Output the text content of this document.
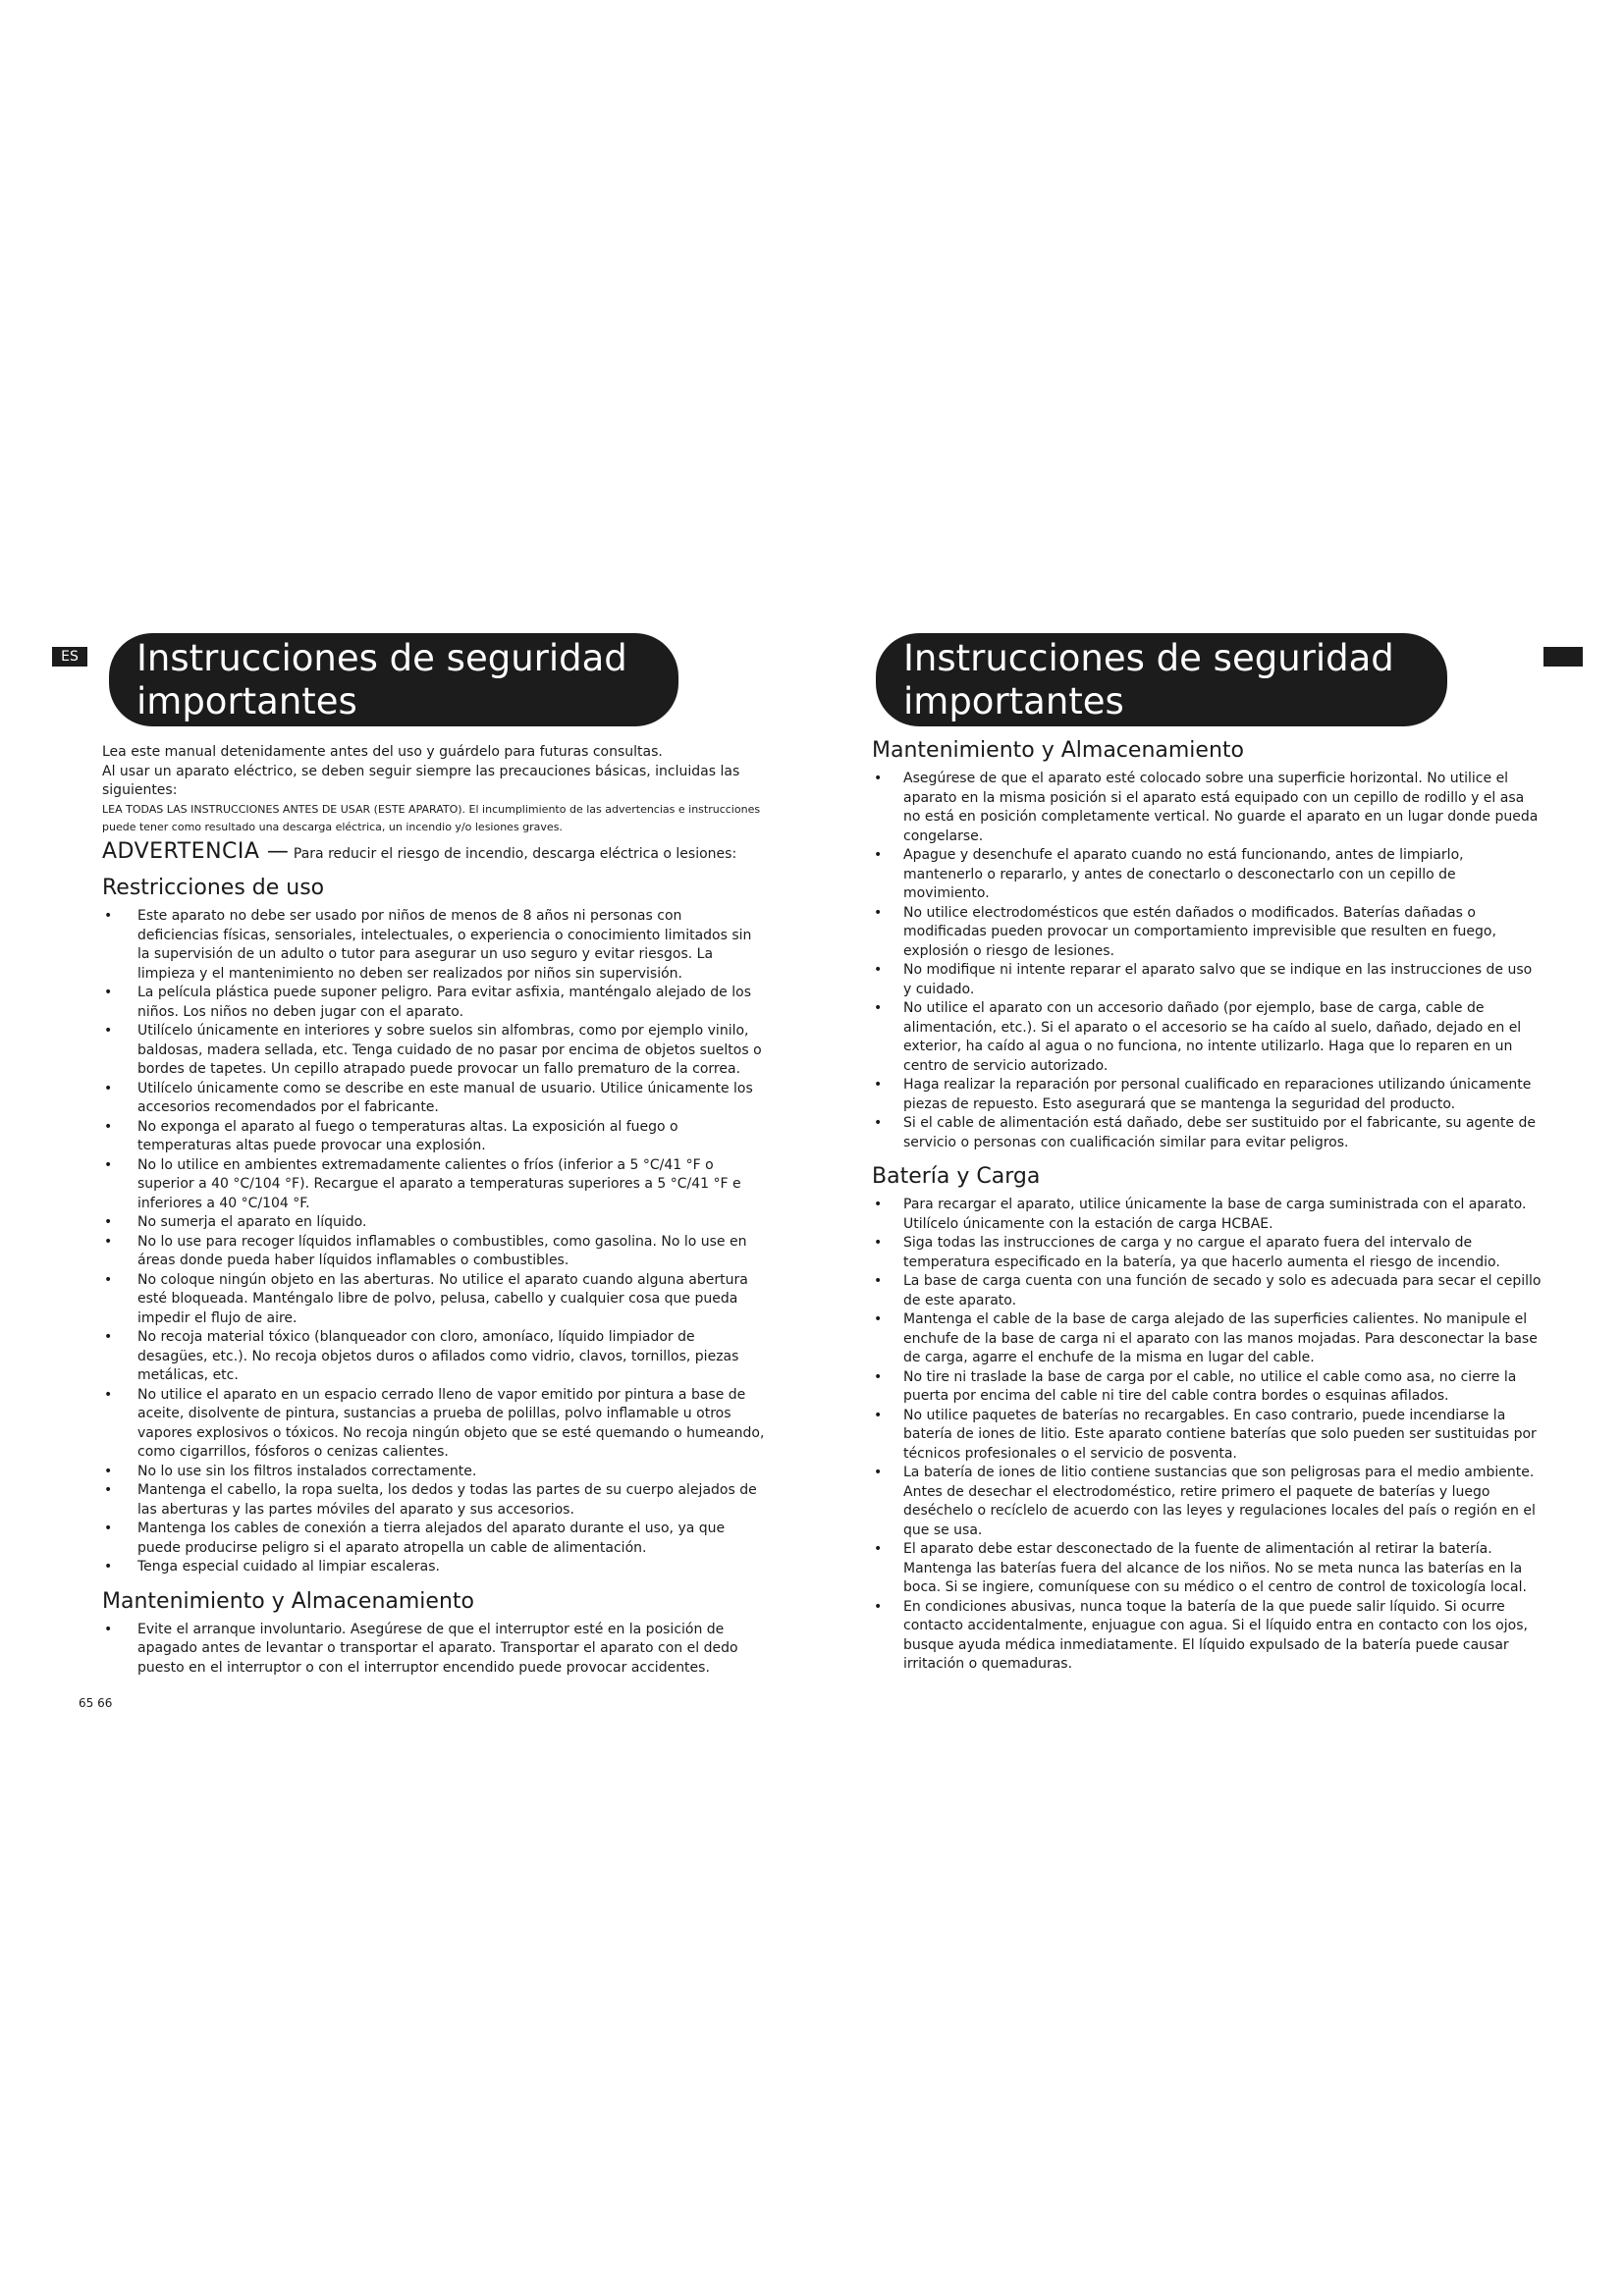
ES Instrucciones de seguridad
importantes
Instrucciones de seguridad
importantes

Lea este manual detenidamente antes del uso y guárdelo para futuras consultas.

Al usar un aparato eléctrico, se deben seguir siempre las precauciones básicas, incluidas las siguientes:

LEA TODAS LAS INSTRUCCIONES ANTES DE USAR (ESTE APARATO). El incumplimiento de las advertencias e instrucciones puede tener como resultado una descarga eléctrica, un incendio y/o lesiones graves.

ADVERTENCIA — Para reducir el riesgo de incendio, descarga eléctrica o lesiones:

Restricciones de uso
• Este aparato no debe ser usado por niños de menos de 8 años ni personas con deficiencias físicas, sensoriales, intelectuales, o experiencia o conocimiento limitados sin la supervisión de un adulto o tutor para asegurar un uso seguro y evitar riesgos. La limpieza y el mantenimiento no deben ser realizados por niños sin supervisión.
• La película plástica puede suponer peligro. Para evitar asfixia, manténgalo alejado de los niños. Los niños no deben jugar con el aparato.
• Utilícelo únicamente en interiores y sobre suelos sin alfombras, como por ejemplo vinilo, baldosas, madera sellada, etc. Tenga cuidado de no pasar por encima de objetos sueltos o bordes de tapetes. Un cepillo atrapado puede provocar un fallo prematuro de la correa.
• Utilícelo únicamente como se describe en este manual de usuario. Utilice únicamente los accesorios recomendados por el fabricante.
• No exponga el aparato al fuego o temperaturas altas. La exposición al fuego o temperaturas altas puede provocar una explosión.
• No lo utilice en ambientes extremadamente calientes o fríos (inferior a 5 °C/41 °F o superior a 40 °C/104 °F). Recargue el aparato a temperaturas superiores a 5 °C/41 °F e inferiores a 40 °C/104 °F.
• No sumerja el aparato en líquido.
• No lo use para recoger líquidos inflamables o combustibles, como gasolina. No lo use en áreas donde pueda haber líquidos inflamables o combustibles.
• No coloque ningún objeto en las aberturas. No utilice el aparato cuando alguna abertura esté bloqueada. Manténgalo libre de polvo, pelusa, cabello y cualquier cosa que pueda impedir el flujo de aire.
• No recoja material tóxico (blanqueador con cloro, amoníaco, líquido limpiador de desagües, etc.). No recoja objetos duros o afilados como vidrio, clavos, tornillos, piezas metálicas, etc.
• No utilice el aparato en un espacio cerrado lleno de vapor emitido por pintura a base de aceite, disolvente de pintura, sustancias a prueba de polillas, polvo inflamable u otros vapores explosivos o tóxicos. No recoja ningún objeto que se esté quemando o humeando, como cigarrillos, fósforos o cenizas calientes.
• No lo use sin los filtros instalados correctamente.
• Mantenga el cabello, la ropa suelta, los dedos y todas las partes de su cuerpo alejados de las aberturas y las partes móviles del aparato y sus accesorios.
• Mantenga los cables de conexión a tierra alejados del aparato durante el uso, ya que puede producirse peligro si el aparato atropella un cable de alimentación.
• Tenga especial cuidado al limpiar escaleras.
Mantenimiento y Almacenamiento
• Evite el arranque involuntario. Asegúrese de que el interruptor esté en la posición de apagado antes de levantar o transportar el aparato. Transportar el aparato con el dedo puesto en el interruptor o con el interruptor encendido puede provocar accidentes.
Mantenimiento y Almacenamiento
• Asegúrese de que el aparato esté colocado sobre una superficie horizontal. No utilice el aparato en la misma posición si el aparato está equipado con un cepillo de rodillo y el asa no está en posición completamente vertical. No guarde el aparato en un lugar donde pueda congelarse.
• Apague y desenchufe el aparato cuando no está funcionando, antes de limpiarlo, mantenerlo o repararlo, y antes de conectarlo o desconectarlo con un cepillo de movimiento.
• No utilice electrodomésticos que estén dañados o modificados. Baterías dañadas o modificadas pueden provocar un comportamiento imprevisible que resulten en fuego, explosión o riesgo de lesiones.
• No modifique ni intente reparar el aparato salvo que se indique en las instrucciones de uso y cuidado.
• No utilice el aparato con un accesorio dañado (por ejemplo, base de carga, cable de alimentación, etc.). Si el aparato o el accesorio se ha caído al suelo, dañado, dejado en el exterior, ha caído al agua o no funciona, no intente utilizarlo. Haga que lo reparen en un centro de servicio autorizado.
• Haga realizar la reparación por personal cualificado en reparaciones utilizando únicamente piezas de repuesto. Esto asegurará que se mantenga la seguridad del producto.
• Si el cable de alimentación está dañado, debe ser sustituido por el fabricante, su agente de servicio o personas con cualificación similar para evitar peligros.
Batería y Carga
• Para recargar el aparato, utilice únicamente la base de carga suministrada con el aparato. Utilícelo únicamente con la estación de carga HCBAE.
• Siga todas las instrucciones de carga y no cargue el aparato fuera del intervalo de temperatura especificado en la batería, ya que hacerlo aumenta el riesgo de incendio.
• La base de carga cuenta con una función de secado y solo es adecuada para secar el cepillo de este aparato.
• Mantenga el cable de la base de carga alejado de las superficies calientes. No manipule el enchufe de la base de carga ni el aparato con las manos mojadas. Para desconectar la base de carga, agarre el enchufe de la misma en lugar del cable.
• No tire ni traslade la base de carga por el cable, no utilice el cable como asa, no cierre la puerta por encima del cable ni tire del cable contra bordes o esquinas afilados.
• No utilice paquetes de baterías no recargables. En caso contrario, puede incendiarse la batería de iones de litio. Este aparato contiene baterías que solo pueden ser sustituidas por técnicos profesionales o el servicio de posventa.
• La batería de iones de litio contiene sustancias que son peligrosas para el medio ambiente. Antes de desechar el electrodoméstico, retire primero el paquete de baterías y luego deséchelo o recíclelo de acuerdo con las leyes y regulaciones locales del país o región en el que se usa.
• El aparato debe estar desconectado de la fuente de alimentación al retirar la batería. Mantenga las baterías fuera del alcance de los niños. No se meta nunca las baterías en la boca. Si se ingiere, comuníquese con su médico o el centro de control de toxicología local.
• En condiciones abusivas, nunca toque la batería de la que puede salir líquido. Si ocurre contacto accidentalmente, enjuague con agua. Si el líquido entra en contacto con los ojos, busque ayuda médica inmediatamente. El líquido expulsado de la batería puede causar irritación o quemaduras.
65 66
